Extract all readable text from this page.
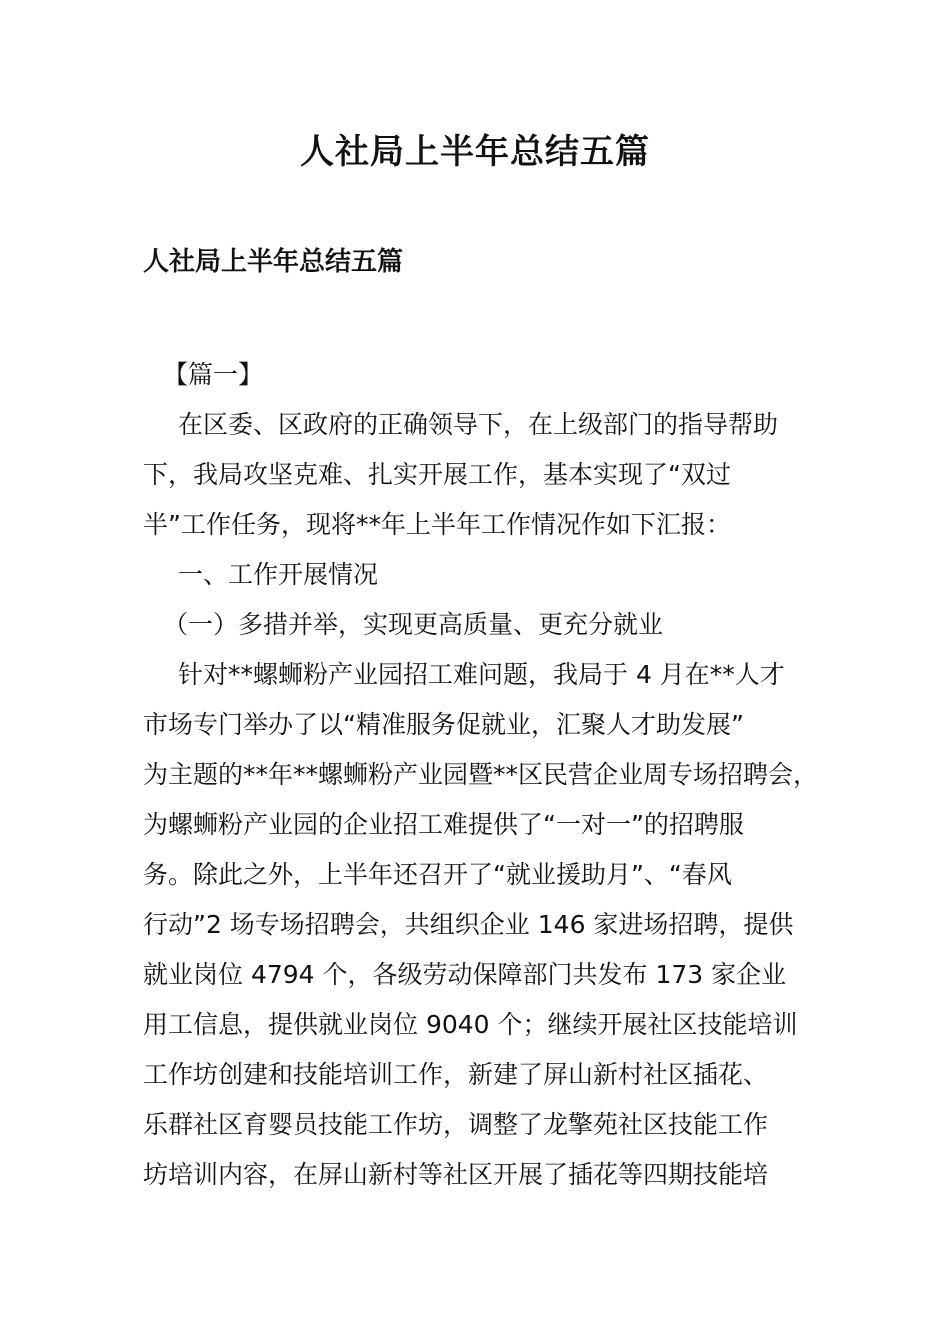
人社局上半年总结五篇
人社局上半年总结五篇
【篇一】
在区委、区政府的正确领导下，在上级部门的指导帮助
下，我局攻坚克难、扎实开展工作，基本实现了“双过
半”工作任务，现将**年上半年工作情况作如下汇报：
一、工作开展情况
（一）多措并举，实现更高质量、更充分就业
针对**螺蛳粉产业园招工难问题，我局于 4 月在**人才
市场专门举办了以“精准服务促就业，汇聚人才助发展”
为主题的**年**螺蛳粉产业园暨**区民营企业周专场招聘会，
为螺蛳粉产业园的企业招工难提供了“一对一”的招聘服
务。除此之外，上半年还召开了“就业援助月”、“春风
行动”2 场专场招聘会，共组织企业 146 家进场招聘，提供
就业岗位 4794 个，各级劳动保障部门共发布 173 家企业
用工信息，提供就业岗位 9040 个；继续开展社区技能培训
工作坊创建和技能培训工作，新建了屏山新村社区插花、
乐群社区育婴员技能工作坊，调整了龙擎苑社区技能工作
坊培训内容，在屏山新村等社区开展了插花等四期技能培
